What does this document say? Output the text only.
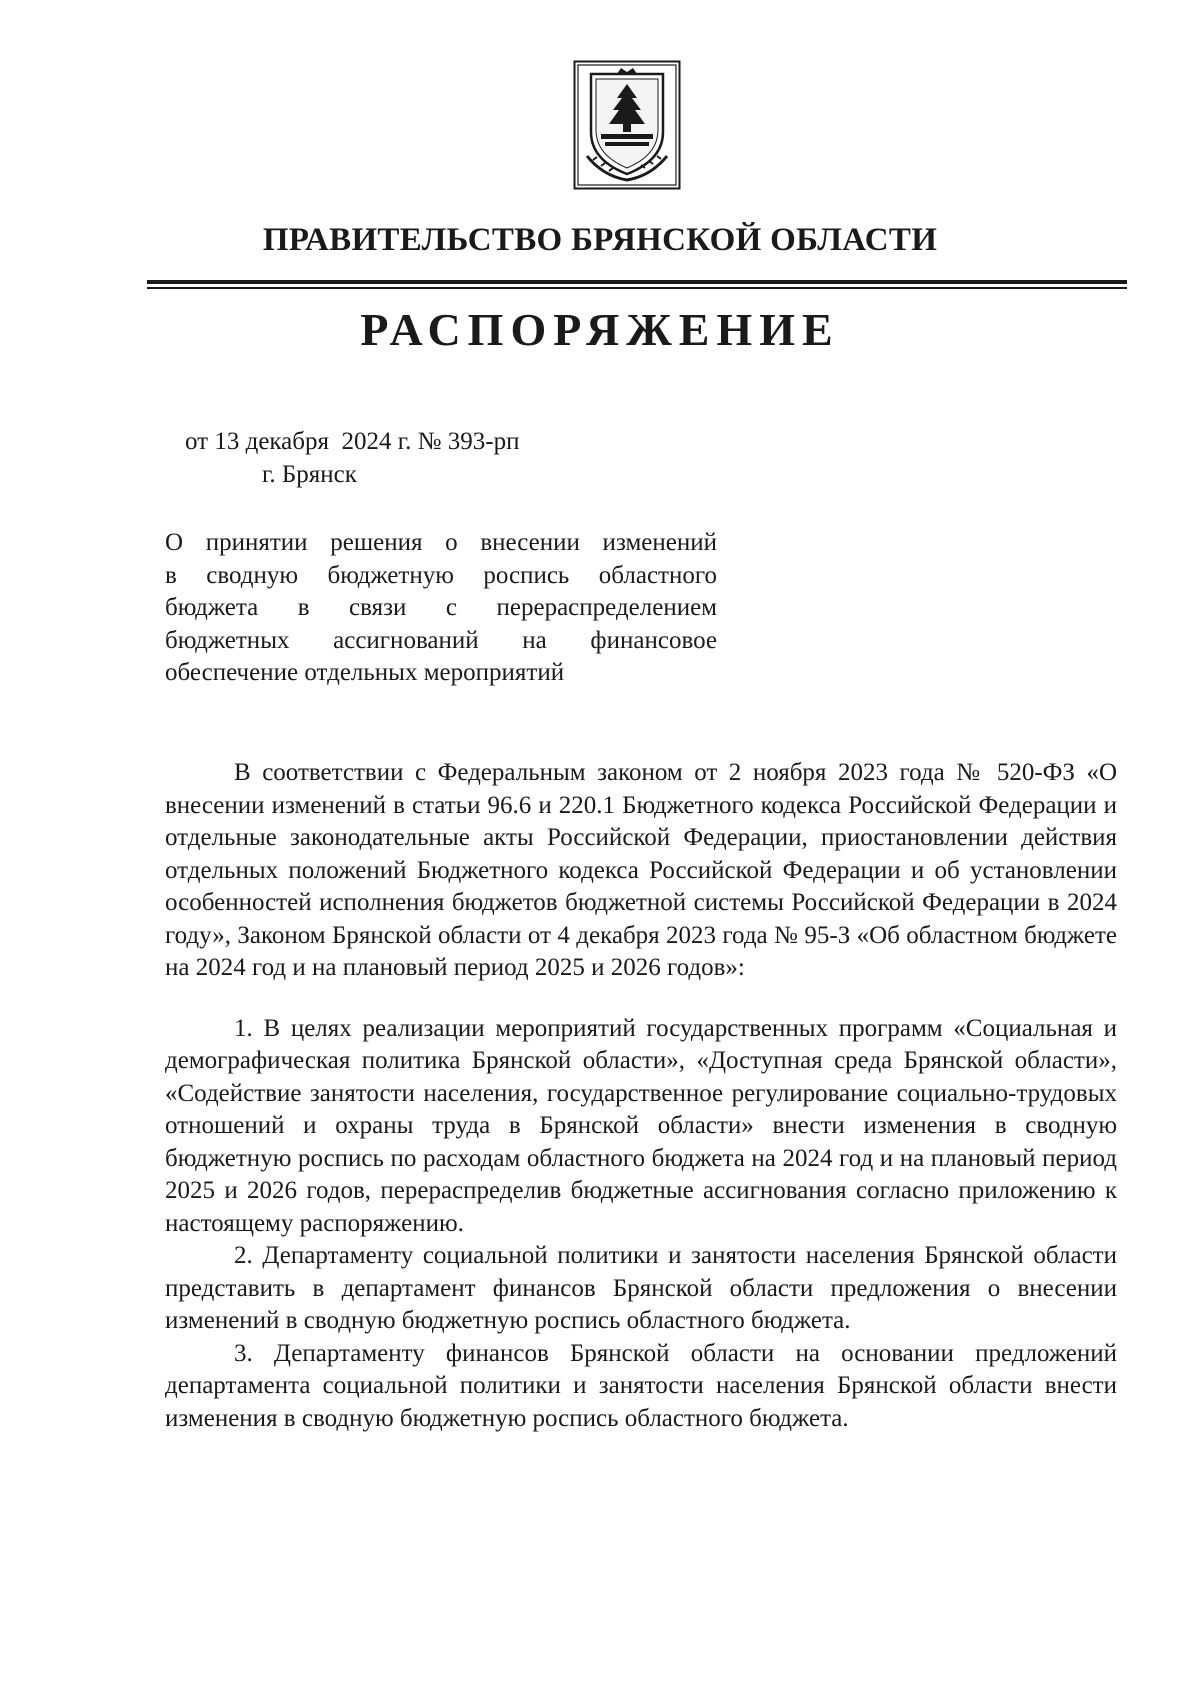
ПРАВИТЕЛЬСТВО БРЯНСКОЙ ОБЛАСТИ
РАСПОРЯЖЕНИЕ
от 13 декабря  2024 г. № 393-рп
г. Брянск
О принятии решения о внесении изменений
в сводную бюджетную роспись областного
бюджета в связи с перераспределением
бюджетных ассигнований на финансовое
обеспечение отдельных мероприятий

В соответствии с Федеральным законом от 2 ноября 2023 года № 520-ФЗ «О внесении изменений в статьи 96.6 и 220.1 Бюджетного кодекса Российской Федерации и отдельные законодательные акты Российской Федерации, приостановлении действия отдельных положений Бюджетного кодекса Российской Федерации и об установлении особенностей исполнения бюджетов бюджетной системы Российской Федерации в 2024 году», Законом Брянской области от 4 декабря 2023 года № 95-З «Об областном бюджете на 2024 год и на плановый период 2025 и 2026 годов»:

1. В целях реализации мероприятий государственных программ «Социальная и демографическая политика Брянской области», «Доступная среда Брянской области», «Содействие занятости населения, государственное регулирование социально-трудовых отношений и охраны труда в Брянской области» внести изменения в сводную бюджетную роспись по расходам областного бюджета на 2024 год и на плановый период 2025 и 2026 годов, перераспределив бюджетные ассигнования согласно приложению к настоящему распоряжению.

2. Департаменту социальной политики и занятости населения Брянской области представить в департамент финансов Брянской области предложения о внесении изменений в сводную бюджетную роспись областного бюджета.

3. Департаменту финансов Брянской области на основании предложений департамента социальной политики и занятости населения Брянской области внести изменения в сводную бюджетную роспись областного бюджета.
